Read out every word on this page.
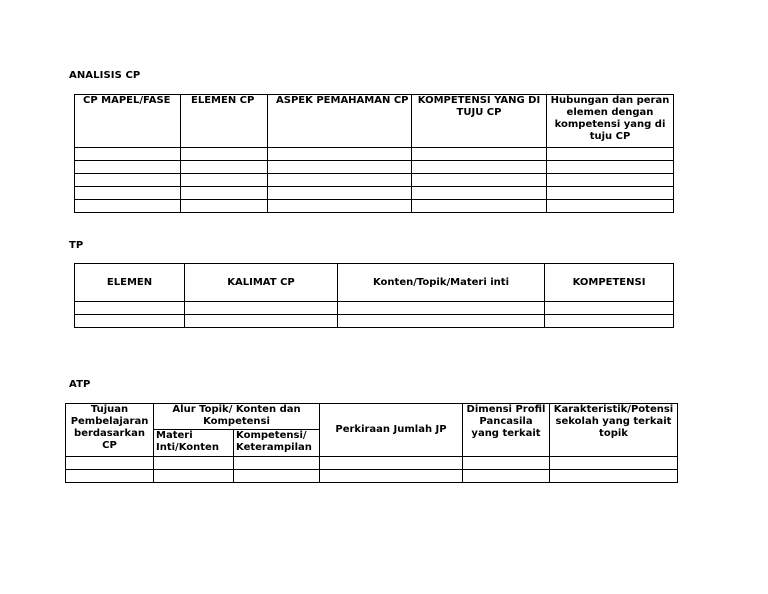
ANALISIS CP
CP MAPEL/FASE	ELEMEN CP	ASPEK PEMAHAMAN CP	KOMPETENSI YANG DI TUJU CP	Hubungan dan peran elemen dengan kompetensi yang di tuju CP

TP
ELEMEN	KALIMAT CP	Konten/Topik/Materi inti	KOMPETENSI

ATP
Tujuan Pembelajaran berdasarkan CP	Alur Topik/ Konten dan Kompetensi		Perkiraan Jumlah JP	Dimensi Profil Pancasila yang terkait	Karakteristik/Potensi sekolah yang terkait topik
	Materi Inti/Konten	Kompetensi/ Keterampilan			
